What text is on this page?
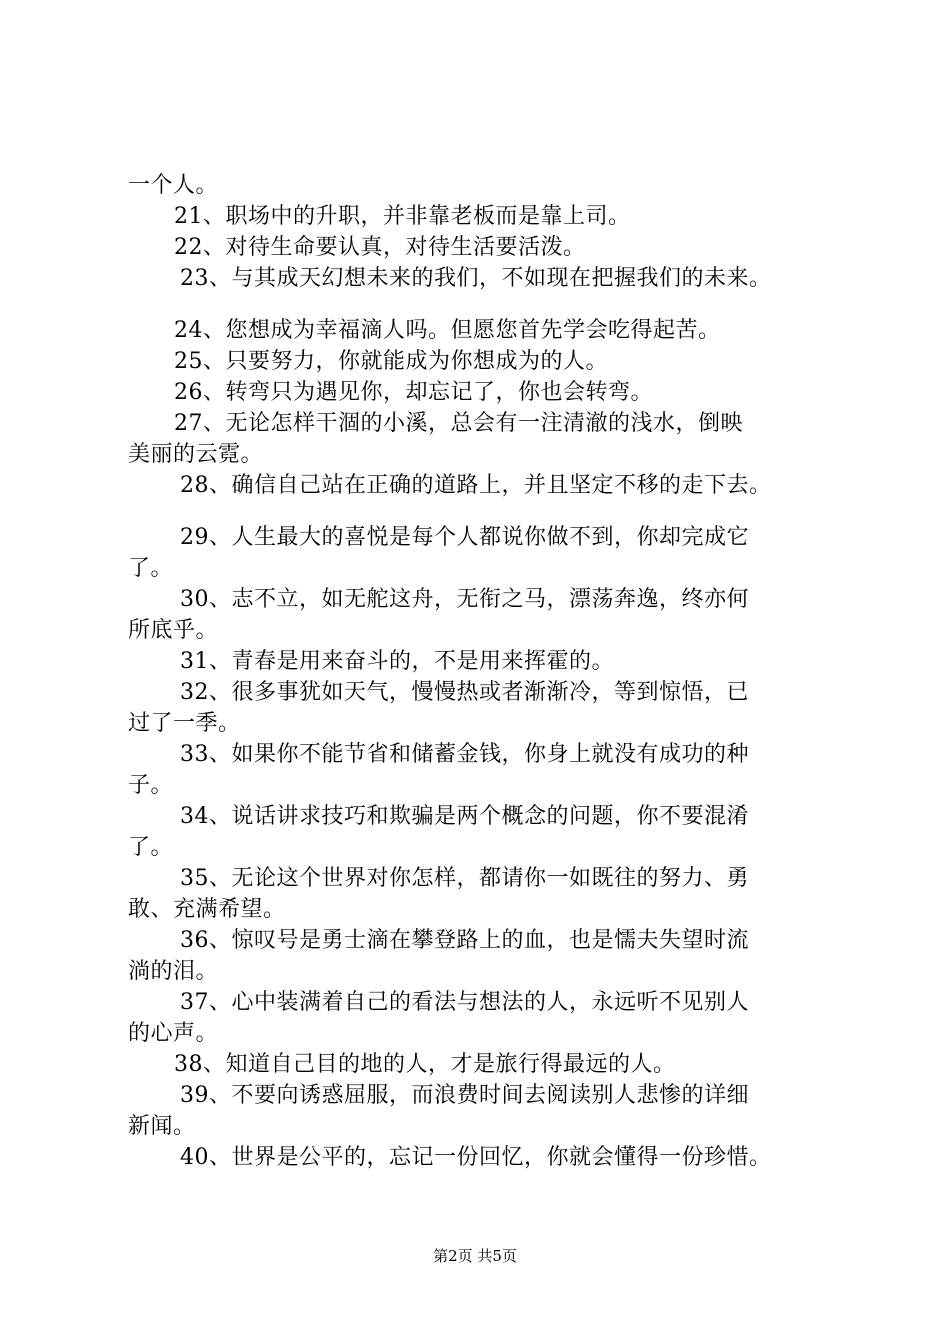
一个人。
21、职场中的升职，并非靠老板而是靠上司。
22、对待生命要认真，对待生活要活泼。
23、与其成天幻想未来的我们，不如现在把握我们的未来。
24、您想成为幸福滴人吗。但愿您首先学会吃得起苦。
25、只要努力，你就能成为你想成为的人。
26、转弯只为遇见你，却忘记了，你也会转弯。
27、无论怎样干涸的小溪，总会有一注清澈的浅水，倒映
美丽的云霓。
28、确信自己站在正确的道路上，并且坚定不移的走下去。
29、人生最大的喜悦是每个人都说你做不到，你却完成它
了。
30、志不立，如无舵这舟，无衔之马，漂荡奔逸，终亦何
所底乎。
31、青春是用来奋斗的，不是用来挥霍的。
32、很多事犹如天气，慢慢热或者渐渐冷，等到惊悟，已
过了一季。
33、如果你不能节省和储蓄金钱，你身上就没有成功的种
子。
34、说话讲求技巧和欺骗是两个概念的问题，你不要混淆
了。
35、无论这个世界对你怎样，都请你一如既往的努力、勇
敢、充满希望。
36、惊叹号是勇士滴在攀登路上的血，也是懦夫失望时流
淌的泪。
37、心中装满着自己的看法与想法的人，永远听不见别人
的心声。
38、知道自己目的地的人，才是旅行得最远的人。
39、不要向诱惑屈服，而浪费时间去阅读别人悲惨的详细
新闻。
40、世界是公平的，忘记一份回忆，你就会懂得一份珍惜。
第2页 共5页
